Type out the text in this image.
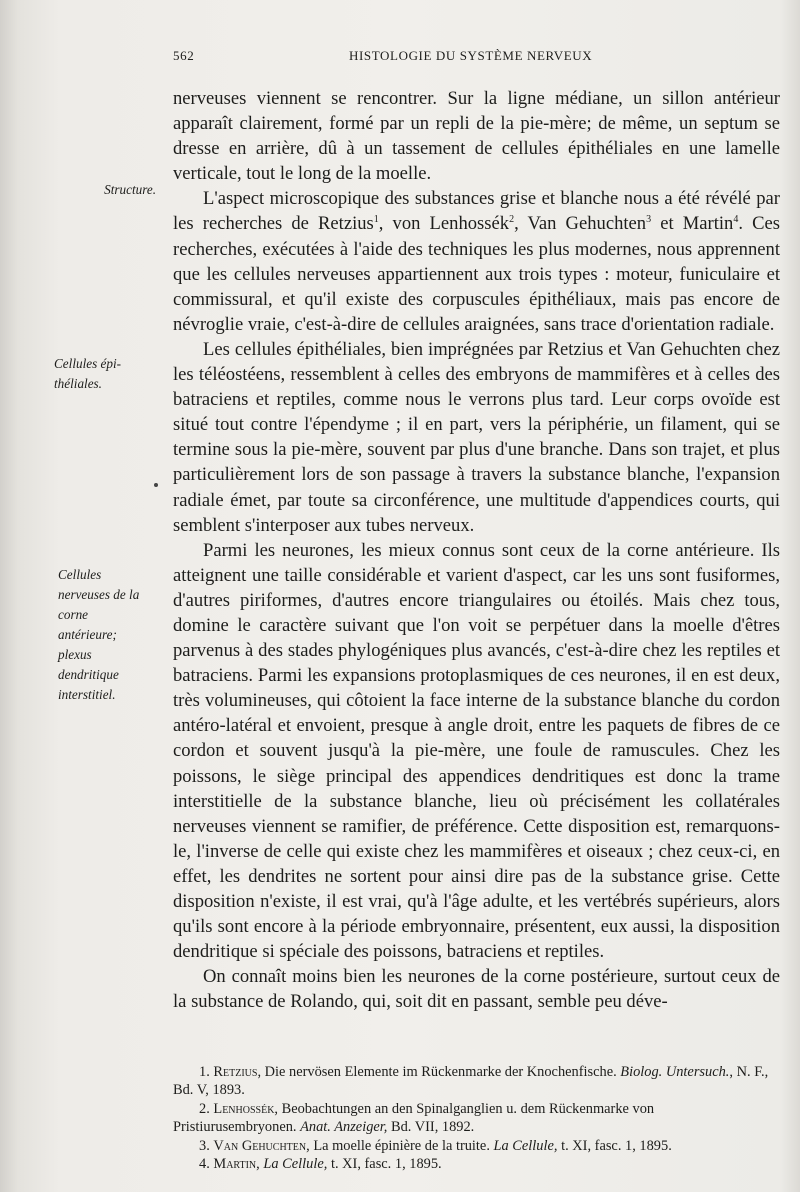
562	HISTOLOGIE DU SYSTÈME NERVEUX
Structure.
Cellules épi-théliales.
Cellules nerveuses de la corne antérieure; plexus dendritique interstitiel.

nerveuses viennent se rencontrer. Sur la ligne médiane, un sillon antérieur apparaît clairement, formé par un repli de la pie-mère; de même, un septum se dresse en arrière, dû à un tassement de cellules épithéliales en une lamelle verticale, tout le long de la moelle.

L'aspect microscopique des substances grise et blanche nous a été révélé par les recherches de Retzius$^1$, von Lenhossék$^2$, Van Gehuchten$^3$ et Martin$^4$. Ces recherches, exécutées à l'aide des techniques les plus modernes, nous apprennent que les cellules nerveuses appartiennent aux trois types : moteur, funiculaire et commissural, et qu'il existe des corpuscules épithéliaux, mais pas encore de névroglie vraie, c'est-à-dire de cellules araignées, sans trace d'orientation radiale.

Les cellules épithéliales, bien imprégnées par Retzius et Van Gehuchten chez les téléostéens, ressemblent à celles des embryons de mammifères et à celles des batraciens et reptiles, comme nous le verrons plus tard. Leur corps ovoïde est situé tout contre l'épendyme ; il en part, vers la périphérie, un filament, qui se termine sous la pie-mère, souvent par plus d'une branche. Dans son trajet, et plus particulièrement lors de son passage à travers la substance blanche, l'expansion radiale émet, par toute sa circonférence, une multitude d'appendices courts, qui semblent s'interposer aux tubes nerveux.

Parmi les neurones, les mieux connus sont ceux de la corne antérieure. Ils atteignent une taille considérable et varient d'aspect, car les uns sont fusiformes, d'autres piriformes, d'autres encore triangulaires ou étoilés. Mais chez tous, domine le caractère suivant que l'on voit se perpétuer dans la moelle d'êtres parvenus à des stades phylogéniques plus avancés, c'est-à-dire chez les reptiles et batraciens. Parmi les expansions protoplasmiques de ces neurones, il en est deux, très volumineuses, qui côtoient la face interne de la substance blanche du cordon antéro-latéral et envoient, presque à angle droit, entre les paquets de fibres de ce cordon et souvent jusqu'à la pie-mère, une foule de ramuscules. Chez les poissons, le siège principal des appendices dendritiques est donc la trame interstitielle de la substance blanche, lieu où précisément les collatérales nerveuses viennent se ramifier, de préférence. Cette disposition est, remarquons-le, l'inverse de celle qui existe chez les mammifères et oiseaux ; chez ceux-ci, en effet, les dendrites ne sortent pour ainsi dire pas de la substance grise. Cette disposition n'existe, il est vrai, qu'à l'âge adulte, et les vertébrés supérieurs, alors qu'ils sont encore à la période embryonnaire, présentent, eux aussi, la disposition dendritique si spéciale des poissons, batraciens et reptiles.

On connaît moins bien les neurones de la corne postérieure, surtout ceux de la substance de Rolando, qui, soit dit en passant, semble peu déve-

1. Retzius, Die nervösen Elemente im Rückenmarke der Knochenfische. Biolog. Untersuch., N. F., Bd. V, 1893.

2. Lenhossék, Beobachtungen an den Spinalganglien u. dem Rückenmarke von Pristiurusembryonen. Anat. Anzeiger, Bd. VII, 1892.

3. Van Gehuchten, La moelle épinière de la truite. La Cellule, t. XI, fasc. 1, 1895.

4. Martin, La Cellule, t. XI, fasc. 1, 1895.
